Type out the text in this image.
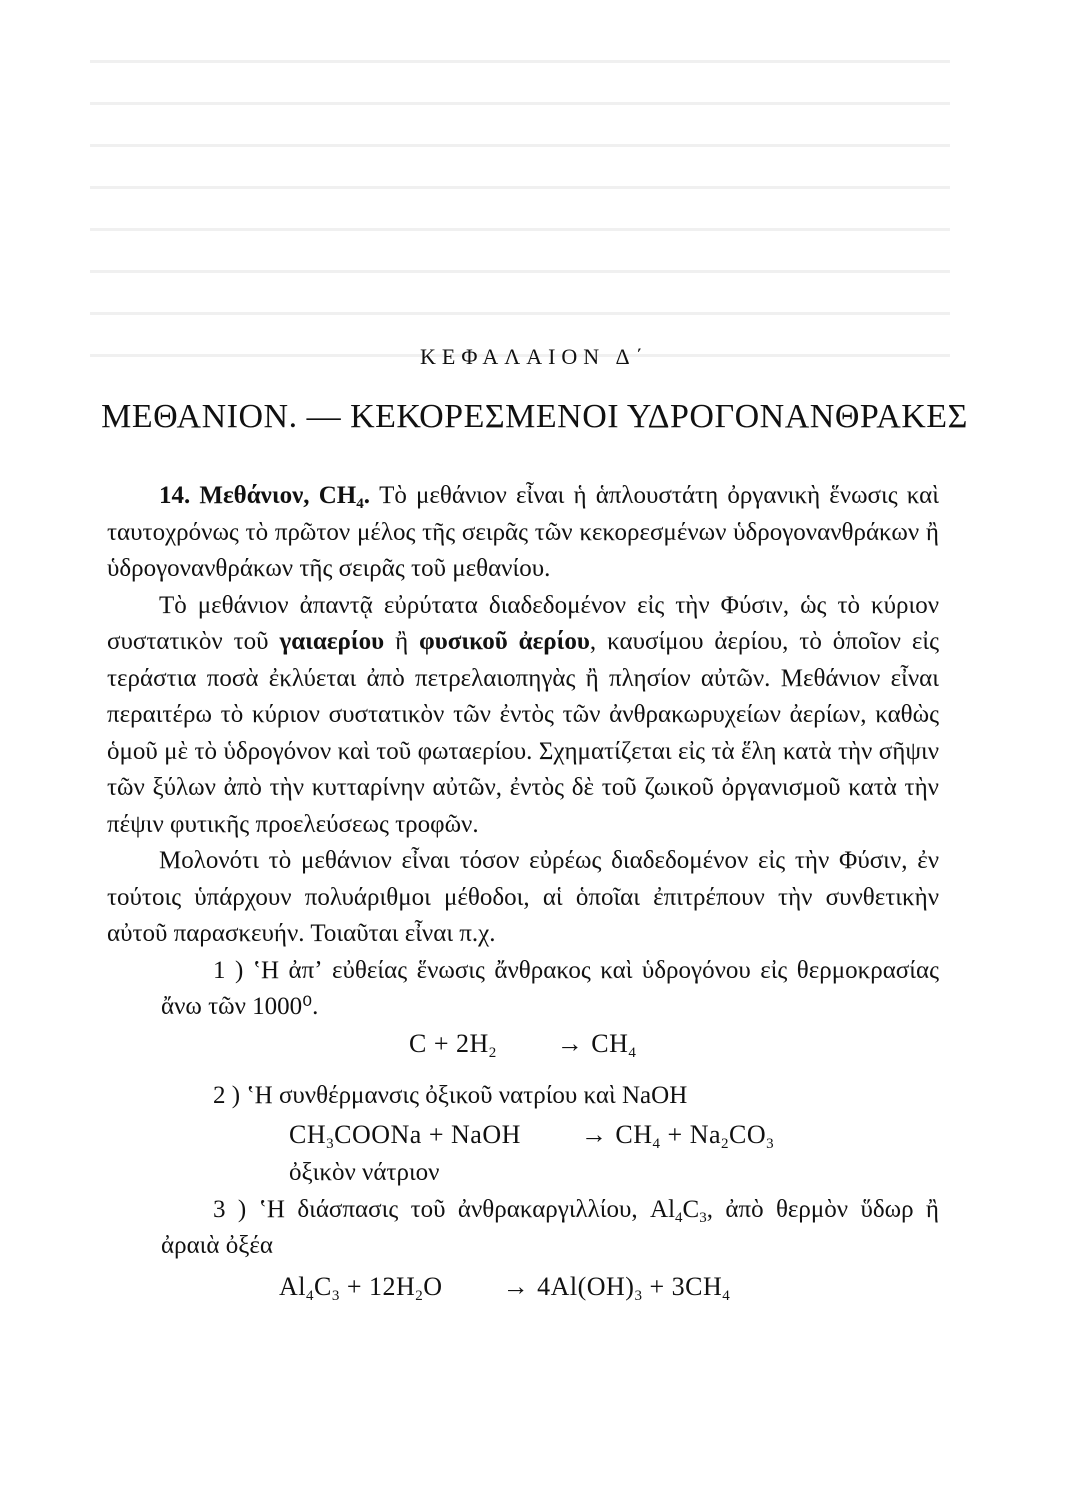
ΚΕΦΑΛΑΙΟΝ Δ΄
ΜΕΘΑΝΙΟΝ. — ΚΕΚΟΡΕΣΜΕΝΟΙ ΥΔΡΟΓΟΝΑΝΘΡΑΚΕΣ

14. Μεθάνιον, $CH_4$. Τὸ μεθάνιον εἶναι ἡ ἁπλουστάτη ὀργανικὴ ἕνωσις καὶ ταυτοχρόνως τὸ πρῶτον μέλος τῆς σειρᾶς τῶν κεκορεσμένων ὑδρογονανθράκων ἢ ὑδρογονανθράκων τῆς σειρᾶς τοῦ μεθανίου.

Τὸ μεθάνιον ἀπαντᾷ εὐρύτατα διαδεδομένον εἰς τὴν Φύσιν, ὡς τὸ κύριον συστατικὸν τοῦ γαιαερίου ἢ φυσικοῦ ἀερίου, καυσίμου ἀερίου, τὸ ὁποῖον εἰς τεράστια ποσὰ ἐκλύεται ἀπὸ πετρελαιοπηγὰς ἢ πλησίον αὐτῶν. Μεθάνιον εἶναι περαιτέρω τὸ κύριον συστατικὸν τῶν ἐντὸς τῶν ἀνθρακωρυχείων ἀερίων, καθὼς ὁμοῦ μὲ τὸ ὑδρογόνον καὶ τοῦ φωταερίου. Σχηματίζεται εἰς τὰ ἕλη κατὰ τὴν σῆψιν τῶν ξύλων ἀπὸ τὴν κυτταρίνην αὐτῶν, ἐντὸς δὲ τοῦ ζωικοῦ ὀργανισμοῦ κατὰ τὴν πέψιν φυτικῆς προελεύσεως τροφῶν.

Μολονότι τὸ μεθάνιον εἶναι τόσον εὐρέως διαδεδομένον εἰς τὴν Φύσιν, ἐν τούτοις ὑπάρχουν πολυάριθμοι μέθοδοι, αἱ ὁποῖαι ἐπιτρέπουν τὴν συνθετικὴν αὐτοῦ παρασκευήν. Τοιαῦται εἶναι π.χ.

1 ) ʽΗ ἀπʼ εὐθείας ἕνωσις ἄνθρακος καὶ ὑδρογόνου εἰς θερμοκρασίας ἄνω τῶν 1000⁰.

$C + 2H_2 \to CH_4$

2 ) ʽΗ συνθέρμανσις ὀξικοῦ νατρίου καὶ NaOH

$CH_3COONa$ + NaOH → $CH_4 + Na_2CO_3$

ὀξικὸν νάτριον

3 ) ʽΗ διάσπασις τοῦ ἀνθρακαργιλλίου, $Al_4C_3$, ἀπὸ θερμὸν ὕδωρ ἢ ἀραιὰ ὀξέα

$Al_4C_3 + 12H_2O \to 4Al(OH)_3 + 3CH_4$
